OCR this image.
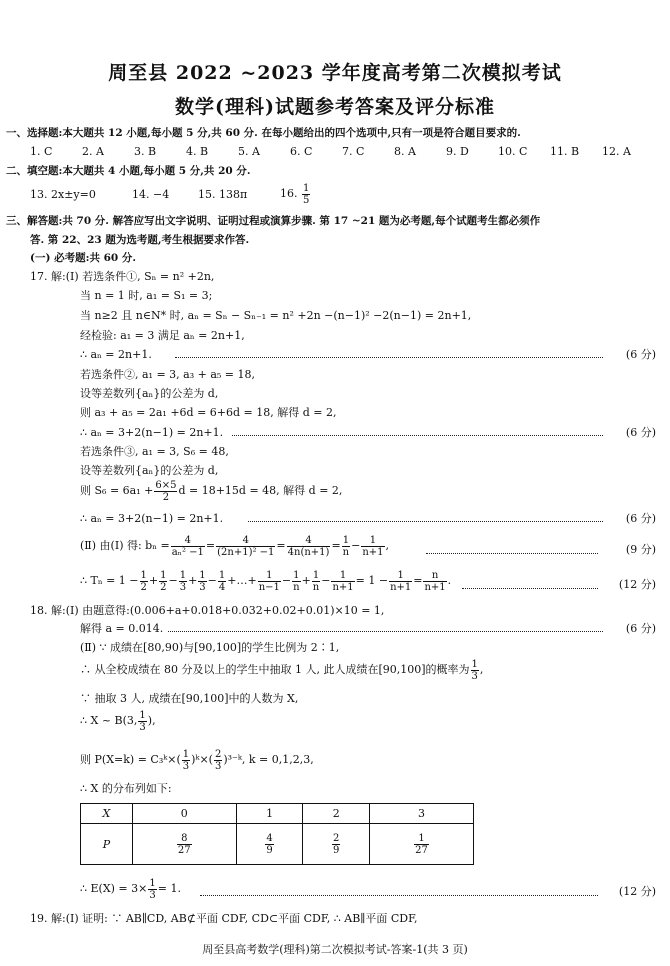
周至县 2022 ~2023 学年度高考第二次模拟考试
数学(理科)试题参考答案及评分标准
一、选择题:本大题共 12 小题,每小题 5 分,共 60 分. 在每小题给出的四个选项中,只有一项是符合题目要求的.
1. C	2. A	3. B	4. B	5. A	6. C	7. C	8. A	9. D	10. C 11. B 12. A
二、填空题:本大题共 4 小题,每小题 5 分,共 20 分.
13. 2x±y=0	14. −4	15. 138π	16. $\frac{1}{5}$
三、解答题:共 70 分. 解答应写出文字说明、证明过程或演算步骤. 第 17 ~21 题为必考题,每个试题考生都必须作
答. 第 22、23 题为选考题,考生根据要求作答.
(一) 必考题:共 60 分.
17. 解:(Ⅰ) 若选条件①, Sₙ = n² +2n,
当 n = 1 时, a₁ = S₁ = 3;
当 n≥2 且 n∈N* 时, aₙ = Sₙ − Sₙ₋₁ = n² +2n −(n−1)² −2(n−1) = 2n+1,
经检验: a₁ = 3 满足 aₙ = 2n+1,
∴ aₙ = 2n+1.	(6 分)
若选条件②, a₁ = 3, a₃ + a₅ = 18,
设等差数列{aₙ}的公差为 d,
则 a₃ + a₅ = 2a₁ +6d = 6+6d = 18, 解得 d = 2,
∴ aₙ = 3+2(n−1) = 2n+1.	(6 分)
若选条件③, a₁ = 3, S₆ = 48,
设等差数列{aₙ}的公差为 d,
则 $S_6 = 6a_1 + \frac{6\times 5}{2}$ d = 18+15d = 48, 解得 d = 2,
∴ aₙ = 3+2(n−1) = 2n+1.	(6 分)
(Ⅱ) 由(Ⅰ) 得: $b_n = \frac{4}{\text{aₙ² −1}} = \frac{4}{\text{(2n+1)² −1}} = \frac{4}{4n(n+1)} = \frac{1}{n} - \frac{1}{n+1}$ ,	(9 分)
∴ $T_n = 1 - \frac{1}{2} + \frac{1}{2} - \frac{1}{3} + \frac{1}{3} - \frac{1}{4}$ +…+ $\frac{1}{n-1} - \frac{1}{n} + \frac{1}{n} - \frac{1}{n+1} = 1 - \frac{1}{n+1} = \frac{n}{n+1}$ .	(12 分)
18. 解:(Ⅰ) 由题意得:(0.006+a+0.018+0.032+0.02+0.01)×10 = 1,
解得 a = 0.014.	(6 分)
(Ⅱ) ∵ 成绩在[80,90)与[90,100]的学生比例为 2∶1,
∴ 从全校成绩在 80 分及以上的学生中抽取 1 人, 此人成绩在[90,100]的概率为 $\frac{1}{3}$ ,
∵ 抽取 3 人, 成绩在[90,100]中的人数为 X,
∴ X ~ B(3, $\frac{1}{3}$ ),
则 P(X=k) = C₃ᵏ×( $\frac{1}{3}$ )ᵏ×( $\frac{2}{3}$ )³⁻ᵏ, k = 0,1,2,3,
∴ X 的分布列如下:
X	0	1	2	3
P	$\frac{8}{27}$	$\frac{4}{9}$	$\frac{2}{9}$	$\frac{1}{27}$
∴ $E(X) = 3\times \frac{1}{3} = 1$.	(12 分)
19. 解:(Ⅰ) 证明: ∵ AB∥CD, AB⊄平面 CDF, CD⊂平面 CDF, ∴ AB∥平面 CDF,
周至县高考数学(理科)第二次模拟考试-答案-1(共 3 页)
